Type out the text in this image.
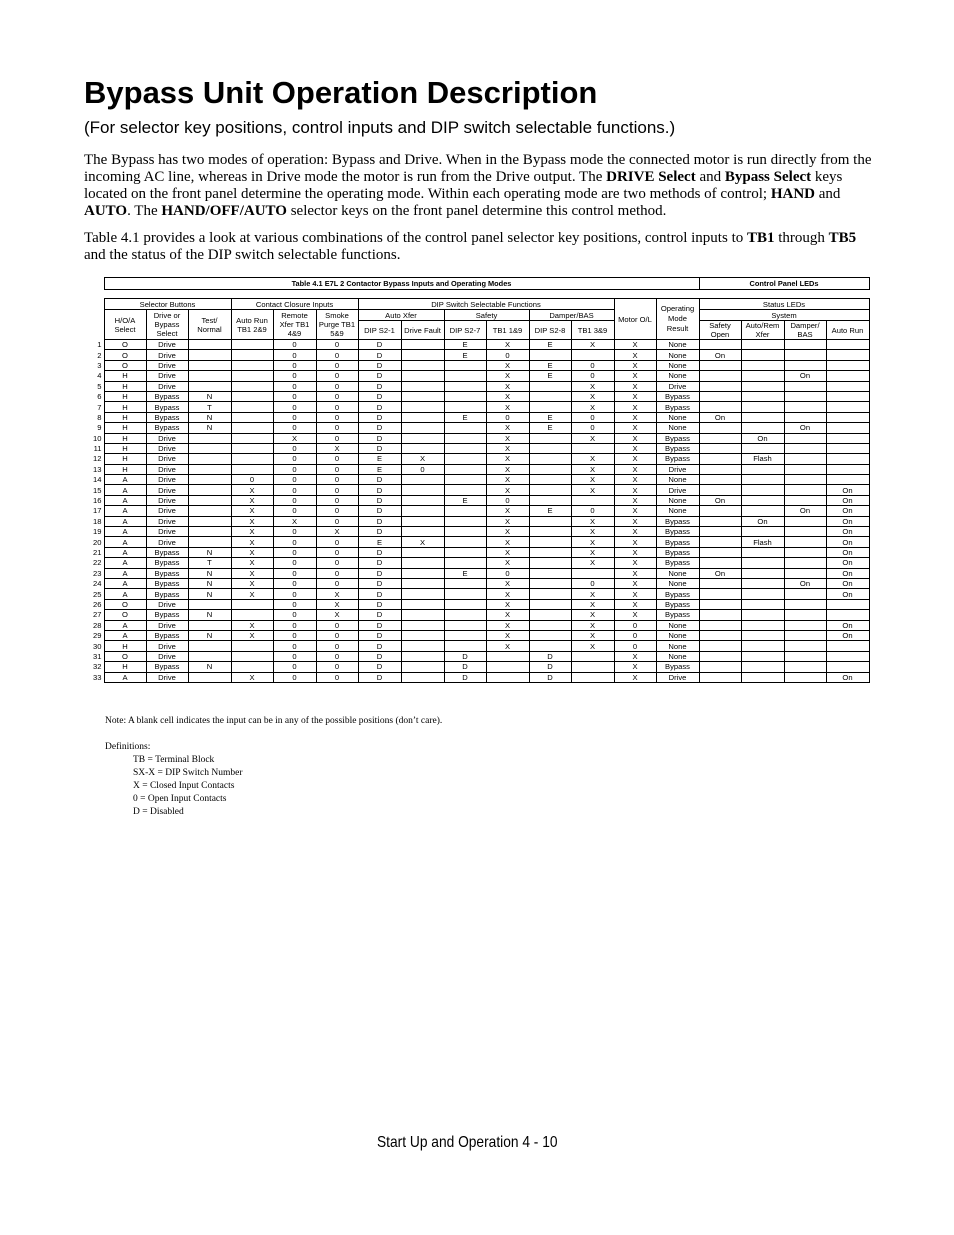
Bypass Unit Operation Description

(For selector key positions, control inputs and DIP switch selectable functions.)

The Bypass has two modes of operation: Bypass and Drive. When in the Bypass mode the connected motor is run directly from the incoming AC line, whereas in Drive mode the motor is run from the Drive output. The DRIVE Select and Bypass Select keys located on the front panel determine the operating mode. Within each operating mode are two methods of control; HAND and AUTO. The HAND/OFF/AUTO selector keys on the front panel determine this control method.

Table 4.1 provides a look at various combinations of the control panel selector key positions, control inputs to TB1 through TB5 and the status of the DIP switch selectable functions.

	Table 4.1 E7L 2 Contactor Bypass Inputs and Operating Modes														Control Panel LEDs			

	Selector Buttons			Contact Closure Inputs			DIP Switch Selectable Functions						Motor O/L	Operating Mode Result	Status LEDs			
	H/O/A Select	Drive or Bypass Select	Test/ Normal	Auto Run TB1 2&9	Remote Xfer TB1 4&9	Smoke Purge TB1 5&9	Auto Xfer		Safety		Damper/BAS				System			
							DIP S2-1	Drive Fault	DIP S2-7	TB1 1&9	DIP S2-8	TB1 3&9			Safety Open	Auto/Rem Xfer	Damper/ BAS	Auto Run
1	O	Drive			0	0	D		E	X	E	X	X	None				
2	O	Drive			0	0	D		E	0			X	None	On			
3	O	Drive			0	0	D			X	E	0	X	None				
4	H	Drive			0	0	D			X	E	0	X	None			On	
5	H	Drive			0	0	D			X		X	X	Drive				
6	H	Bypass	N		0	0	D			X		X	X	Bypass				
7	H	Bypass	T		0	0	D			X		X	X	Bypass				
8	H	Bypass	N		0	0	D		E	0	E	0	X	None	On			
9	H	Bypass	N		0	0	D			X	E	0	X	None			On	
10	H	Drive			X	0	D			X		X	X	Bypass		On		
11	H	Drive			0	X	D			X			X	Bypass				
12	H	Drive			0	0	E	X		X		X	X	Bypass		Flash		
13	H	Drive			0	0	E	0		X		X	X	Drive				
14	A	Drive		0	0	0	D			X		X	X	None				
15	A	Drive		X	0	0	D			X		X	X	Drive				On
16	A	Drive		X	0	0	D		E	0			X	None	On			On
17	A	Drive		X	0	0	D			X	E	0	X	None			On	On
18	A	Drive		X	X	0	D			X		X	X	Bypass		On		On
19	A	Drive		X	0	X	D			X		X	X	Bypass				On
20	A	Drive		X	0	0	E	X		X		X	X	Bypass		Flash		On
21	A	Bypass	N	X	0	0	D			X		X	X	Bypass				On
22	A	Bypass	T	X	0	0	D			X		X	X	Bypass				On
23	A	Bypass	N	X	0	0	D		E	0			X	None	On			On
24	A	Bypass	N	X	0	0	D			X		0	X	None			On	On
25	A	Bypass	N	X	0	X	D			X		X	X	Bypass				On
26	O	Drive			0	X	D			X		X	X	Bypass				
27	O	Bypass	N		0	X	D			X		X	X	Bypass				
28	A	Drive		X	0	0	D			X		X	0	None				On
29	A	Bypass	N	X	0	0	D			X		X	0	None				On
30	H	Drive			0	0	D			X		X	0	None				
31	O	Drive			0	0	D		D		D		X	None				
32	H	Bypass	N		0	0	D		D		D		X	Bypass				
33	A	Drive		X	0	0	D		D		D		X	Drive				On

Note: A blank cell indicates the input can be in any of the possible positions (don’t care).

Definitions:

TB = Terminal Block
SX-X = DIP Switch Number
X = Closed Input Contacts
0 = Open Input Contacts
D = Disabled

Start Up and Operation 4 - 10
